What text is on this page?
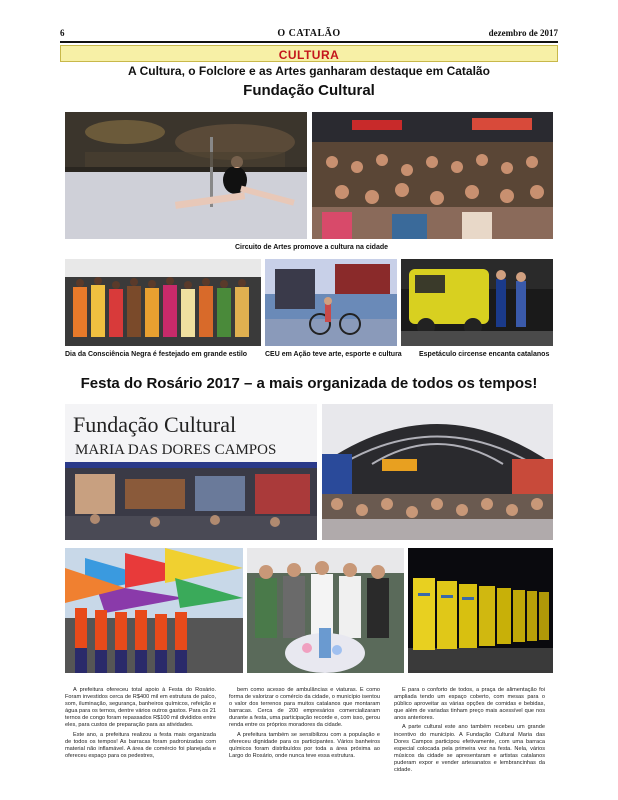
6	O CATALÃO	dezembro de 2017
CULTURA
A Cultura, o Folclore e as Artes ganharam destaque em Catalão
Fundação Cultural
Circuito de Artes promove a cultura na cidade
Dia da Consciência Negra é festejado em grande estilo	CEU em Ação teve arte, esporte e cultura Espetáculo circense encanta catalanos
Festa do Rosário 2017 – a mais organizada de todos os tempos!
Fundação Cultural
MARIA DAS DORES CAMPOS

A prefeitura ofereceu total apoio à Festa do Rosário. Foram investidos cerca de R$400 mil em estrutura de palco, som, iluminação, segurança, banheiros químicos, refeição e água para os ternos, dentre vários outros gastos. Para os 21 ternos de congo foram repassados R$100 mil divididos entre eles, para custos de preparação para as atividades.

Este ano, a prefeitura realizou a festa mais organizada de todos os tempos! As barracas foram padronizadas com material não inflamável. A área de comércio foi planejada e ofereceu espaço para os pedestres,

bem como acesso de ambulâncias e viaturas. E como forma de valorizar o comércio da cidade, o município isentou o valor dos terrenos para muitos catalanos que montaram barracas. Cerca de 200 empresários comercializaram durante a festa, uma participação recorde e, com isso, gerou renda entre os próprios moradores da cidade.

A prefeitura também se sensibilizou com a população e ofereceu dignidade para os participantes. Vários banheiros químicos foram distribuídos por toda a área próxima ao Largo do Rosário, onde nunca teve essa estrutura.

E para o conforto de todos, a praça de alimentação foi ampliada tendo um espaço coberto, com mesas para o público aproveitar as várias opções de comidas e bebidas, que além de variadas tinham preço mais acessível que nos anos anteriores.

A parte cultural este ano também recebeu um grande incentivo do município. A Fundação Cultural Maria das Dores Campos participou efetivamente, com uma barraca especial colocada pela primeira vez na festa. Nela, vários músicos da cidade se apresentaram e artistas catalanos puderam expor e vender artesanatos e lembrancinhas da cidade.
